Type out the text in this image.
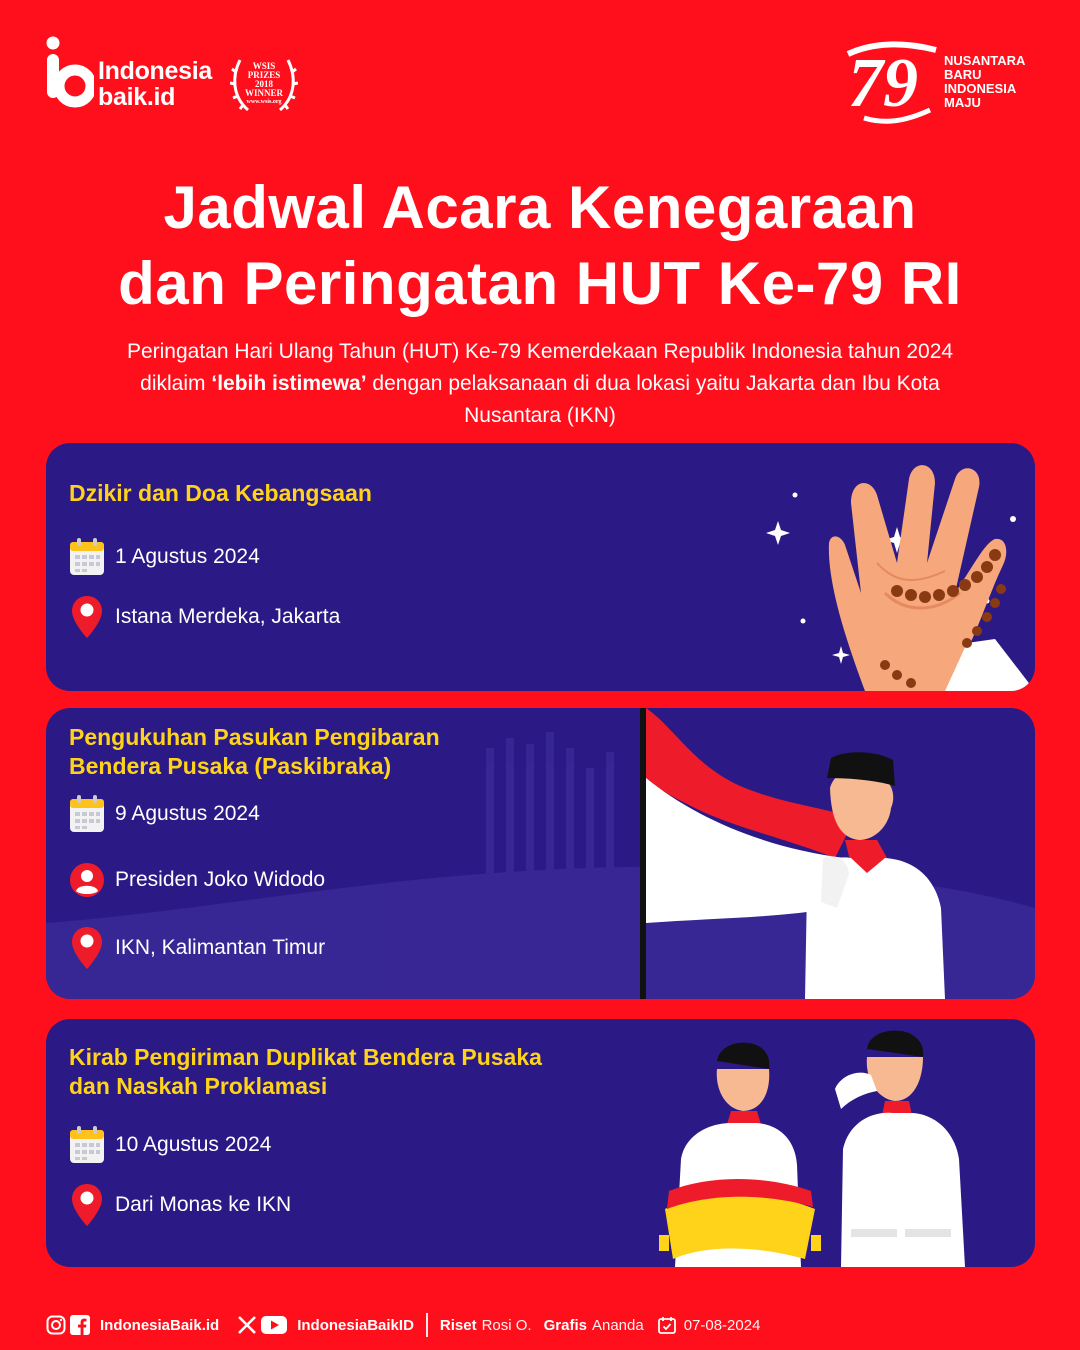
Indonesia
baik.id
WSIS
PRIZES
2018
WINNER
www.wsis.org	79 NUSANTARA
BARU
INDONESIA
MAJU
Jadwal Acara Kenegaraan
dan Peringatan HUT Ke-79 RI
Peringatan Hari Ulang Tahun (HUT) Ke-79 Kemerdekaan Republik Indonesia tahun 2024 diklaim ‘lebih istimewa’ dengan pelaksanaan di dua lokasi yaitu Jakarta dan Ibu Kota Nusantara (IKN)
Dzikir dan Doa Kebangsaan
1 Agustus 2024
Istana Merdeka, Jakarta
Pengukuhan Pasukan Pengibaran
Bendera Pusaka (Paskibraka)
9 Agustus 2024
Presiden Joko Widodo
IKN, Kalimantan Timur
Kirab Pengiriman Duplikat Bendera Pusaka
dan Naskah Proklamasi
10 Agustus 2024
Dari Monas ke IKN
IndonesiaBaik.id	IndonesiaBaikID Riset Rosi O. Grafis Ananda	07-08-2024
